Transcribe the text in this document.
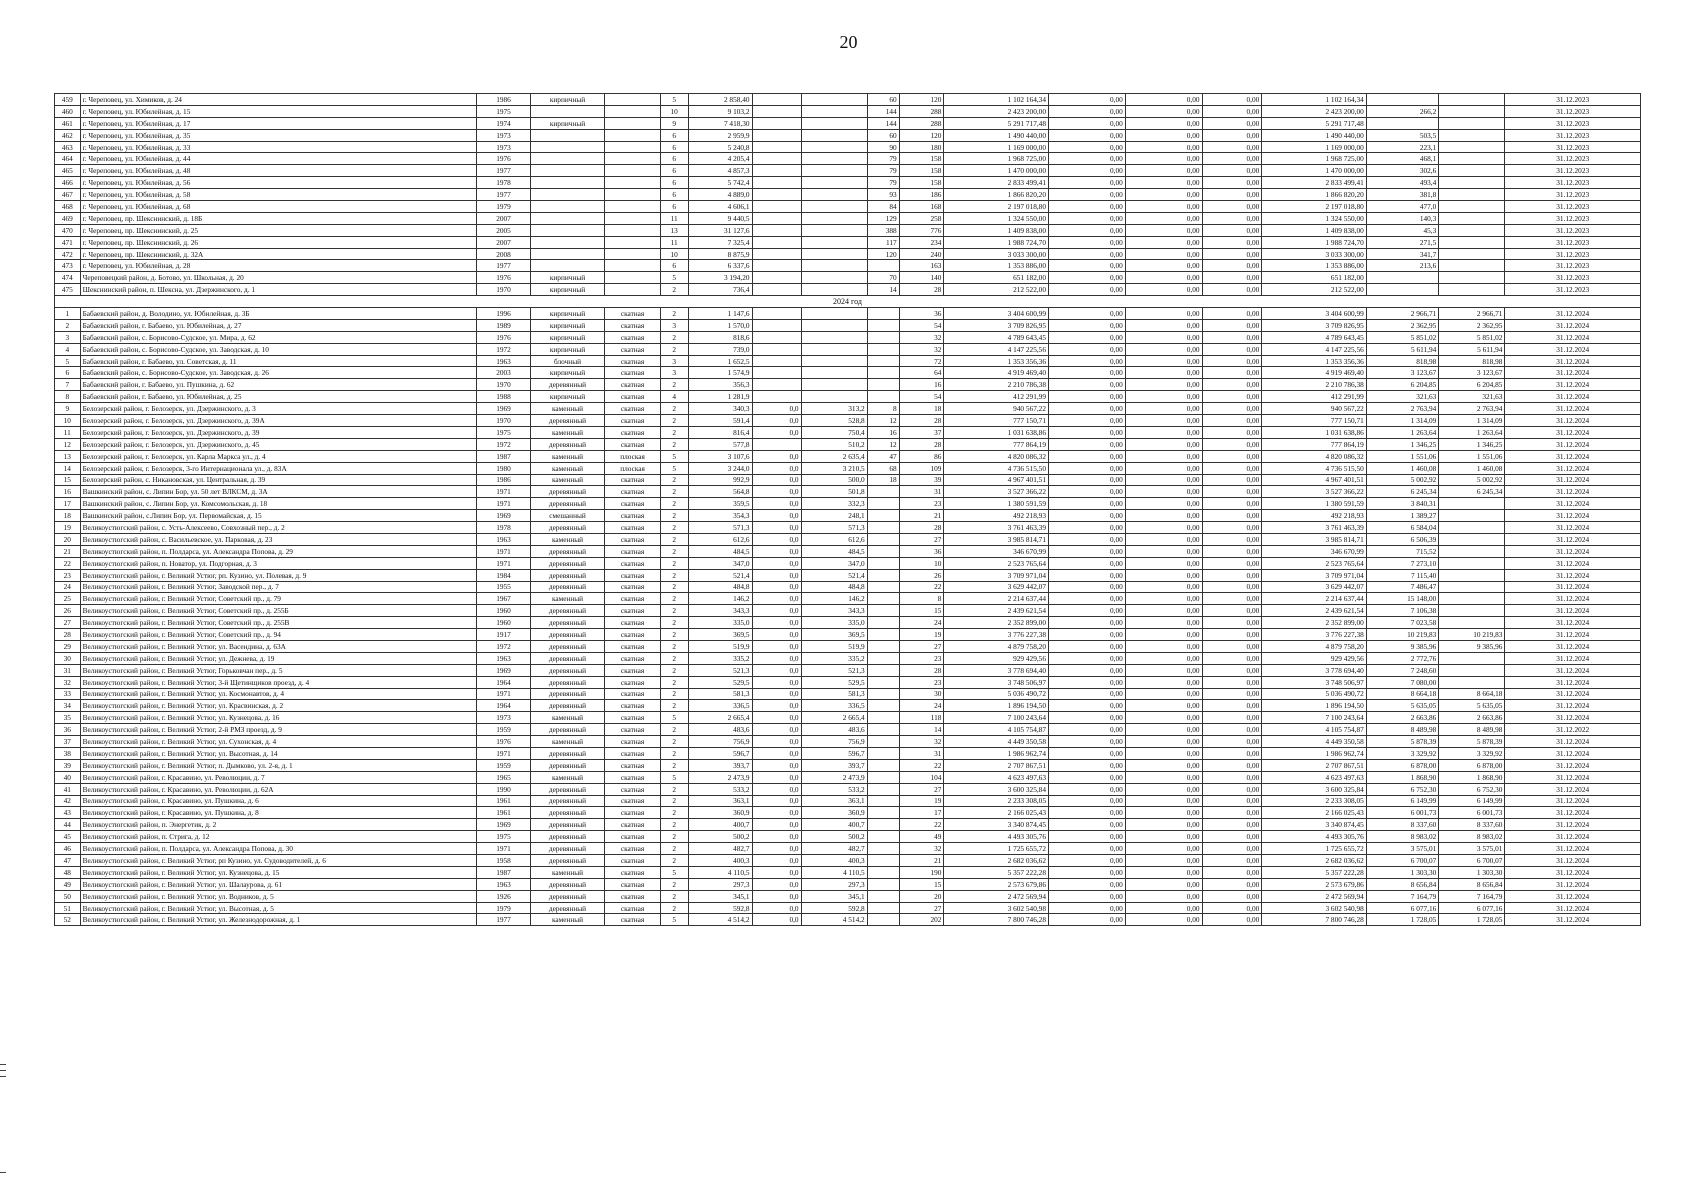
20
459	г. Череповец, ул. Химиков, д. 24	1986	кирпичный		5	2 858,40			60	120	1 102 164,34	0,00	0,00	0,00	1 102 164,34			31.12.2023
460	г. Череповец, ул. Юбилейная, д. 15	1975			10	9 103,2			144	288	2 423 200,00	0,00	0,00	0,00	2 423 200,00	266,2		31.12.2023
461	г. Череповец, ул. Юбилейная, д. 17	1974	кирпичный		9	7 418,30			144	288	5 291 717,48	0,00	0,00	0,00	5 291 717,48			31.12.2023
462	г. Череповец, ул. Юбилейная, д. 35	1973			6	2 959,9			60	120	1 490 440,00	0,00	0,00	0,00	1 490 440,00	503,5		31.12.2023
463	г. Череповец, ул. Юбилейная, д. 33	1973			6	5 240,8			90	180	1 169 000,00	0,00	0,00	0,00	1 169 000,00	223,1		31.12.2023
464	г. Череповец, ул. Юбилейная, д. 44	1976			6	4 205,4			79	158	1 968 725,00	0,00	0,00	0,00	1 968 725,00	468,1		31.12.2023
465	г. Череповец, ул. Юбилейная, д. 48	1977			6	4 857,3			79	158	1 470 000,00	0,00	0,00	0,00	1 470 000,00	302,6		31.12.2023
466	г. Череповец, ул. Юбилейная, д. 56	1978			6	5 742,4			79	158	2 833 499,41	0,00	0,00	0,00	2 833 499,41	493,4		31.12.2023
467	г. Череповец, ул. Юбилейная, д. 58	1977			6	4 889,0			93	186	1 866 820,20	0,00	0,00	0,00	1 866 820,20	381,8		31.12.2023
468	г. Череповец, ул. Юбилейная, д. 68	1979			6	4 606,1			84	168	2 197 018,80	0,00	0,00	0,00	2 197 018,80	477,0		31.12.2023
469	г. Череповец, пр. Шекснинский, д. 18Б	2007			11	9 440,5			129	258	1 324 550,00	0,00	0,00	0,00	1 324 550,00	140,3		31.12.2023
470	г. Череповец, пр. Шекснинский, д. 25	2005			13	31 127,6			388	776	1 409 838,00	0,00	0,00	0,00	1 409 838,00	45,3		31.12.2023
471	г. Череповец, пр. Шекснинский, д. 26	2007			11	7 325,4			117	234	1 988 724,70	0,00	0,00	0,00	1 988 724,70	271,5		31.12.2023
472	г. Череповец, пр. Шекснинский, д. 32А	2008			10	8 875,9			120	240	3 033 300,00	0,00	0,00	0,00	3 033 300,00	341,7		31.12.2023
473	г. Череповец, ул. Юбилейная, д. 28	1977			6	6 337,6				163	1 353 886,00	0,00	0,00	0,00	1 353 886,00	213,6		31.12.2023
474	Череповецкий район, д. Ботово, ул. Школьная, д. 20	1976	кирпичный		5	3 194,20			70	140	651 182,00	0,00	0,00	0,00	651 182,00			31.12.2023
475	Шекснинский район, п. Шексна, ул. Дзержинского, д. 1	1970	кирпичный		2	736,4			14	28	212 522,00	0,00	0,00	0,00	212 522,00			31.12.2023
2024 год																		
1	Бабаевский район, д. Володино, ул. Юбилейная, д. 3Б	1996	кирпичный	скатная	2	1 147,6				36	3 404 600,99	0,00	0,00	0,00	3 404 600,99	2 966,71	2 966,71	31.12.2024
2	Бабаевский район, г. Бабаево, ул. Юбилейная, д. 27	1989	кирпичный	скатная	3	1 570,0				54	3 709 826,95	0,00	0,00	0,00	3 709 826,95	2 362,95	2 362,95	31.12.2024
3	Бабаевский район, с. Борисово-Судское, ул. Мира, д. 62	1976	кирпичный	скатная	2	818,6				32	4 789 643,45	0,00	0,00	0,00	4 789 643,45	5 851,02	5 851,02	31.12.2024
4	Бабаевский район, с. Борисово-Судское, ул. Заводская, д. 10	1972	кирпичный	скатная	2	739,0				32	4 147 225,56	0,00	0,00	0,00	4 147 225,56	5 611,94	5 611,94	31.12.2024
5	Бабаевский район, г. Бабаево, ул. Советская, д. 11	1963	блочный	скатная	3	1 652,5				72	1 353 356,36	0,00	0,00	0,00	1 353 356,36	818,98	818,98	31.12.2024
6	Бабаевский район, с. Борисово-Судское, ул. Заводская, д. 26	2003	кирпичный	скатная	3	1 574,9				64	4 919 469,40	0,00	0,00	0,00	4 919 469,40	3 123,67	3 123,67	31.12.2024
7	Бабаевский район, г. Бабаево, ул. Пушкина, д. 62	1970	деревянный	скатная	2	356,3				16	2 210 786,38	0,00	0,00	0,00	2 210 786,38	6 204,85	6 204,85	31.12.2024
8	Бабаевский район, г. Бабаево, ул. Юбилейная, д. 25	1988	кирпичный	скатная	4	1 281,9				54	412 291,99	0,00	0,00	0,00	412 291,99	321,63	321,63	31.12.2024
9	Белозерский район, г. Белозерск, ул. Дзержинского, д. 3	1969	каменный	скатная	2	340,3	0,0	313,2	8	18	940 567,22	0,00	0,00	0,00	940 567,22	2 763,94	2 763,94	31.12.2024
10	Белозерский район, г. Белозерск, ул. Дзержинского, д. 39А	1970	деревянный	скатная	2	591,4	0,0	528,8	12	28	777 150,71	0,00	0,00	0,00	777 150,71	1 314,09	1 314,09	31.12.2024
11	Белозерский район, г. Белозерск, ул. Дзержинского, д. 39	1975	каменный	скатная	2	816,4	0,0	750,4	16	37	1 031 638,86	0,00	0,00	0,00	1 031 638,86	1 263,64	1 263,64	31.12.2024
12	Белозерский район, г. Белозерск, ул. Дзержинского, д. 45	1972	деревянный	скатная	2	577,8		510,2	12	28	777 864,19	0,00	0,00	0,00	777 864,19	1 346,25	1 346,25	31.12.2024
13	Белозерский район, г. Белозерск, ул. Карла Маркса ул., д. 4	1987	каменный	плоская	5	3 107,6	0,0	2 635,4	47	86	4 820 086,32	0,00	0,00	0,00	4 820 086,32	1 551,06	1 551,06	31.12.2024
14	Белозерский район, г. Белозерск, 3-го Интернационала ул., д. 83А	1980	каменный	плоская	5	3 244,0	0,0	3 210,5	68	109	4 736 515,50	0,00	0,00	0,00	4 736 515,50	1 460,08	1 460,08	31.12.2024
15	Белозерский район, с. Никановская, ул. Центральная, д. 39	1986	каменный	скатная	2	992,9	0,0	500,0	18	39	4 967 401,51	0,00	0,00	0,00	4 967 401,51	5 002,92	5 002,92	31.12.2024
16	Вашкинский район, с. Липин Бор, ул. 50 лет ВЛКСМ, д. 3А	1971	деревянный	скатная	2	564,8	0,0	501,8		31	3 527 366,22	0,00	0,00	0,00	3 527 366,22	6 245,34	6 245,34	31.12.2024
17	Вашкинский район, с. Липин Бор, ул. Комсомольская, д. 18	1971	деревянный	скатная	2	359,5	0,0	332,3		23	1 380 591,59	0,00	0,00	0,00	1 380 591,59	3 840,31		31.12.2024
18	Вашкинский район, с.Липин Бор, ул. Первомайская, д. 15	1969	смешанный	скатная	2	354,3	0,0	248,1		21	492 218,93	0,00	0,00	0,00	492 218,93	1 389,27		31.12.2024
19	Великоустюгский район, с. Усть-Алексеево, Совхозный пер., д. 2	1978	деревянный	скатная	2	571,3	0,0	571,3		28	3 761 463,39	0,00	0,00	0,00	3 761 463,39	6 584,04		31.12.2024
20	Великоустюгский район, с. Васильевское, ул. Парковая, д. 23	1963	каменный	скатная	2	612,6	0,0	612,6		27	3 985 814,71	0,00	0,00	0,00	3 985 814,71	6 506,39		31.12.2024
21	Великоустюгский район, п. Полдарса, ул. Александра Попова, д. 29	1971	деревянный	скатная	2	484,5	0,0	484,5		36	346 670,99	0,00	0,00	0,00	346 670,99	715,52		31.12.2024
22	Великоустюгский район, п. Новатор, ул. Подгорная, д. 3	1971	деревянный	скатная	2	347,0	0,0	347,0		10	2 523 765,64	0,00	0,00	0,00	2 523 765,64	7 273,10		31.12.2024
23	Великоустюгский район, г. Великий Устюг, рп. Кузино, ул. Полевая, д. 9	1984	деревянный	скатная	2	521,4	0,0	521,4		26	3 709 971,04	0,00	0,00	0,00	3 709 971,04	7 115,40		31.12.2024
24	Великоустюгский район, г. Великий Устюг, Заводской пер., д. 7	1955	деревянный	скатная	2	484,8	0,0	484,8		22	3 629 442,07	0,00	0,00	0,00	3 629 442,07	7 486,47		31.12.2024
25	Великоустюгский район, г. Великий Устюг, Советский пр., д. 79	1967	каменный	скатная	2	146,2	0,0	146,2		8	2 214 637,44	0,00	0,00	0,00	2 214 637,44	15 148,00		31.12.2024
26	Великоустюгский район, г. Великий Устюг, Советский пр., д. 255Б	1960	деревянный	скатная	2	343,3	0,0	343,3		15	2 439 621,54	0,00	0,00	0,00	2 439 621,54	7 106,38		31.12.2024
27	Великоустюгский район, г. Великий Устюг, Советский пр., д. 255В	1960	деревянный	скатная	2	335,0	0,0	335,0		24	2 352 899,00	0,00	0,00	0,00	2 352 899,00	7 023,58		31.12.2024
28	Великоустюгский район, г. Великий Устюг, Советский пр., д. 94	1917	деревянный	скатная	2	369,5	0,0	369,5		19	3 776 227,38	0,00	0,00	0,00	3 776 227,38	10 219,83	10 219,83	31.12.2024
29	Великоустюгский район, г. Великий Устюг, ул. Васендина, д. 63А	1972	деревянный	скатная	2	519,9	0,0	519,9		27	4 879 758,20	0,00	0,00	0,00	4 879 758,20	9 385,96	9 385,96	31.12.2024
30	Великоустюгский район, г. Великий Устюг, ул. Дежнева, д. 19	1963	деревянный	скатная	2	335,2	0,0	335,2		23	929 429,56	0,00	0,00	0,00	929 429,56	2 772,76		31.12.2024
31	Великоустюгский район, г. Великий Устюг, Горьковчан пер., д. 5	1969	деревянный	скатная	2	521,3	0,0	521,3		28	3 778 694,40	0,00	0,00	0,00	3 778 694,40	7 248,60		31.12.2024
32	Великоустюгский район, г. Великий Устюг, 3-й Щетинщиков проезд, д. 4	1964	деревянный	скатная	2	529,5	0,0	529,5		23	3 748 506,97	0,00	0,00	0,00	3 748 506,97	7 080,00		31.12.2024
33	Великоустюгский район, г. Великий Устюг, ул. Космонавтов, д. 4	1971	деревянный	скатная	2	581,3	0,0	581,3		30	5 036 490,72	0,00	0,00	0,00	5 036 490,72	8 664,18	8 664,18	31.12.2024
34	Великоустюгский район, г. Великий Устюг, ул. Красвинская, д. 2	1964	деревянный	скатная	2	336,5	0,0	336,5		24	1 896 194,50	0,00	0,00	0,00	1 896 194,50	5 635,05	5 635,05	31.12.2024
35	Великоустюгский район, г. Великий Устюг, ул. Кузнецова, д. 16	1973	каменный	скатная	5	2 665,4	0,0	2 665,4		118	7 100 243,64	0,00	0,00	0,00	7 100 243,64	2 663,86	2 663,86	31.12.2024
36	Великоустюгский район, г. Великий Устюг, 2-й РМЗ проезд, д. 9	1959	деревянный	скатная	2	483,6	0,0	483,6		14	4 105 754,87	0,00	0,00	0,00	4 105 754,87	8 489,98	8 489,98	31.12.2022
37	Великоустюгский район, г. Великий Устюг, ул. Сухонская, д. 4	1976	каменный	скатная	2	756,9	0,0	756,9		32	4 449 350,58	0,00	0,00	0,00	4 449 350,58	5 878,39	5 878,39	31.12.2024
38	Великоустюгский район, г. Великий Устюг, ул. Высотная, д. 14	1971	деревянный	скатная	2	596,7	0,0	596,7		31	1 986 962,74	0,00	0,00	0,00	1 986 962,74	3 329,92	3 329,92	31.12.2024
39	Великоустюгский район, г. Великий Устюг, п. Дымково, ул. 2-я, д. 1	1959	деревянный	скатная	2	393,7	0,0	393,7		22	2 707 867,51	0,00	0,00	0,00	2 707 867,51	6 878,00	6 878,00	31.12.2024
40	Великоустюгский район, г. Красавино, ул. Революции, д. 7	1965	каменный	скатная	5	2 473,9	0,0	2 473,9		104	4 623 497,63	0,00	0,00	0,00	4 623 497,63	1 868,90	1 868,90	31.12.2024
41	Великоустюгский район, г. Красавино, ул. Революции, д. 62А	1990	деревянный	скатная	2	533,2	0,0	533,2		27	3 600 325,84	0,00	0,00	0,00	3 600 325,84	6 752,30	6 752,30	31.12.2024
42	Великоустюгский район, г. Красавино, ул. Пушкина, д. 6	1961	деревянный	скатная	2	363,1	0,0	363,1		19	2 233 308,05	0,00	0,00	0,00	2 233 308,05	6 149,99	6 149,99	31.12.2024
43	Великоустюгский район, г. Красавино, ул. Пушкина, д. 8	1961	деревянный	скатная	2	360,9	0,0	360,9		17	2 166 025,43	0,00	0,00	0,00	2 166 025,43	6 001,73	6 001,73	31.12.2024
44	Великоустюгский район, п. Энергетик, д. 2	1969	деревянный	скатная	2	400,7	0,0	400,7		22	3 340 874,45	0,00	0,00	0,00	3 340 874,45	8 337,60	8 337,60	31.12.2024
45	Великоустюгский район, п. Стрига, д. 12	1975	деревянный	скатная	2	500,2	0,0	500,2		49	4 493 305,76	0,00	0,00	0,00	4 493 305,76	8 983,02	8 983,02	31.12.2024
46	Великоустюгский район, п. Полдарса, ул. Александра Попова, д. 30	1971	деревянный	скатная	2	482,7	0,0	482,7		32	1 725 655,72	0,00	0,00	0,00	1 725 655,72	3 575,01	3 575,01	31.12.2024
47	Великоустюгский район, г. Великий Устюг, рп Кузино, ул. Судоводителей, д. 6	1958	деревянный	скатная	2	400,3	0,0	400,3		21	2 682 036,62	0,00	0,00	0,00	2 682 036,62	6 700,07	6 700,07	31.12.2024
48	Великоустюгский район, г. Великий Устюг, ул. Кузнецова, д. 15	1987	каменный	скатная	5	4 110,5	0,0	4 110,5		190	5 357 222,28	0,00	0,00	0,00	5 357 222,28	1 303,30	1 303,30	31.12.2024
49	Великоустюгский район, г. Великий Устюг, ул. Шалаурова, д. 61	1963	деревянный	скатная	2	297,3	0,0	297,3		15	2 573 679,86	0,00	0,00	0,00	2 573 679,86	8 656,84	8 656,84	31.12.2024
50	Великоустюгский район, г. Великий Устюг, ул. Водников, д. 5	1926	деревянный	скатная	2	345,1	0,0	345,1		20	2 472 569,94	0,00	0,00	0,00	2 472 569,94	7 164,79	7 164,79	31.12.2024
51	Великоустюгский район, г. Великий Устюг, ул. Высотная, д. 5	1979	деревянный	скатная	2	592,8	0,0	592,8		27	3 602 540,98	0,00	0,00	0,00	3 602 540,98	6 077,16	6 077,16	31.12.2024
52	Великоустюгский район, г. Великий Устюг, ул. Железнодорожная, д. 1	1977	каменный	скатная	5	4 514,2	0,0	4 514,2		202	7 800 746,28	0,00	0,00	0,00	7 800 746,28	1 728,05	1 728,05	31.12.2024
